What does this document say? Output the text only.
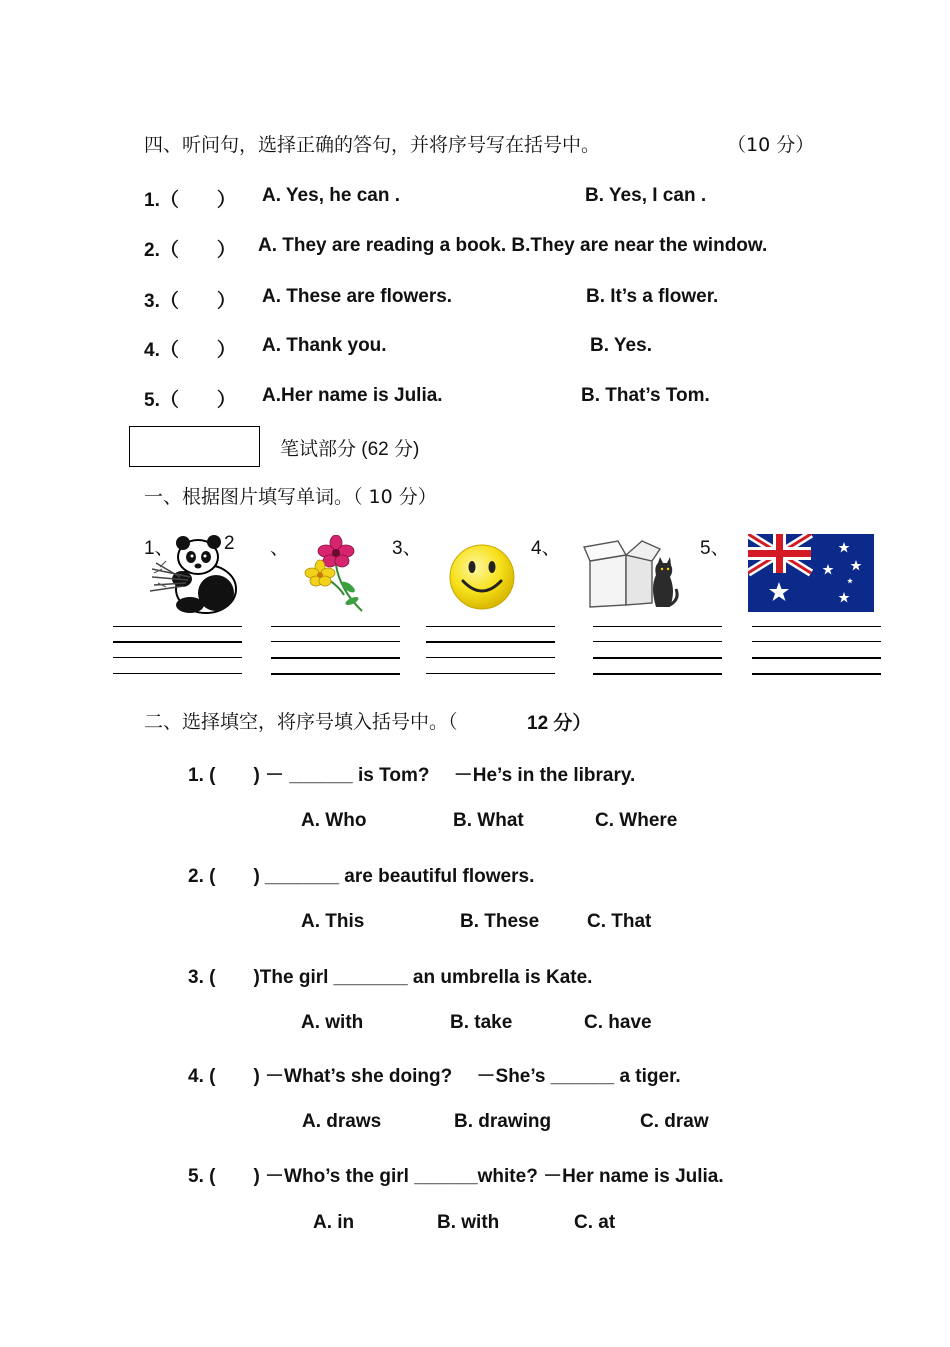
四、听问句，选择正确的答句，并将序号写在括号中。	（10 分）
1.（　　） A. Yes, he can .	B. Yes, I can .
2.（　　） A. They are reading a book. B.They are near the window.
3.（　　） A. These are flowers.	B. It’s a flower.
4.（　　） A. Thank you.	B. Yes.
5.（　　） A.Her name is Julia.	B. That’s Tom.
笔试部分 (62 分)
一、根据图片填写单词。（ 10 分）
1、	2 、	3、	4、	5、
二、选择填空，将序号填入括号中。（	12 分）
1. (　　) － ______ is Tom?　 －He’s in the library.
A. Who	B. What	C. Where
2. (　　) _______ are beautiful flowers.
A. This	B. These	C. That
3. (　　)The girl _______ an umbrella is Kate.
A. with	B. take	C. have
4. (　　) －What’s she doing?　 －She’s ______ a tiger.
A. draws	B. drawing	C. draw
5. (　　) －Who’s the girl ______white? －Her name is Julia.
A. in	B. with	C. at
